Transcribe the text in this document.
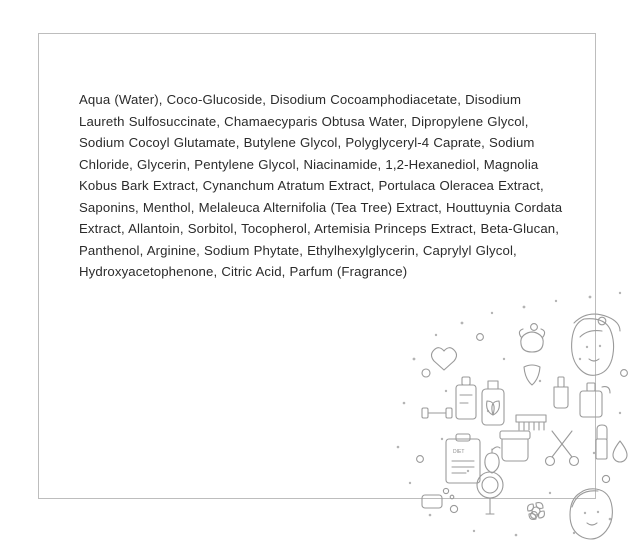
Aqua (Water), Coco-Glucoside, Disodium Cocoamphodiacetate, Disodium Laureth Sulfosuccinate, Chamaecyparis Obtusa Water, Dipropylene Glycol, Sodium Cocoyl Glutamate, Butylene Glycol, Polyglyceryl-4 Caprate, Sodium Chloride, Glycerin, Pentylene Glycol, Niacinamide, 1,2-Hexanediol, Magnolia Kobus Bark Extract, Cynanchum Atratum Extract, Portulaca Oleracea Extract, Saponins, Menthol, Melaleuca Alternifolia (Tea Tree) Extract, Houttuynia Cordata Extract, Allantoin, Sorbitol, Tocopherol, Artemisia Princeps Extract, Beta-Glucan, Panthenol, Arginine, Sodium Phytate, Ethylhexylglycerin, Caprylyl Glycol, Hydroxyacetophenone, Citric Acid, Parfum (Fragrance)

DIET
